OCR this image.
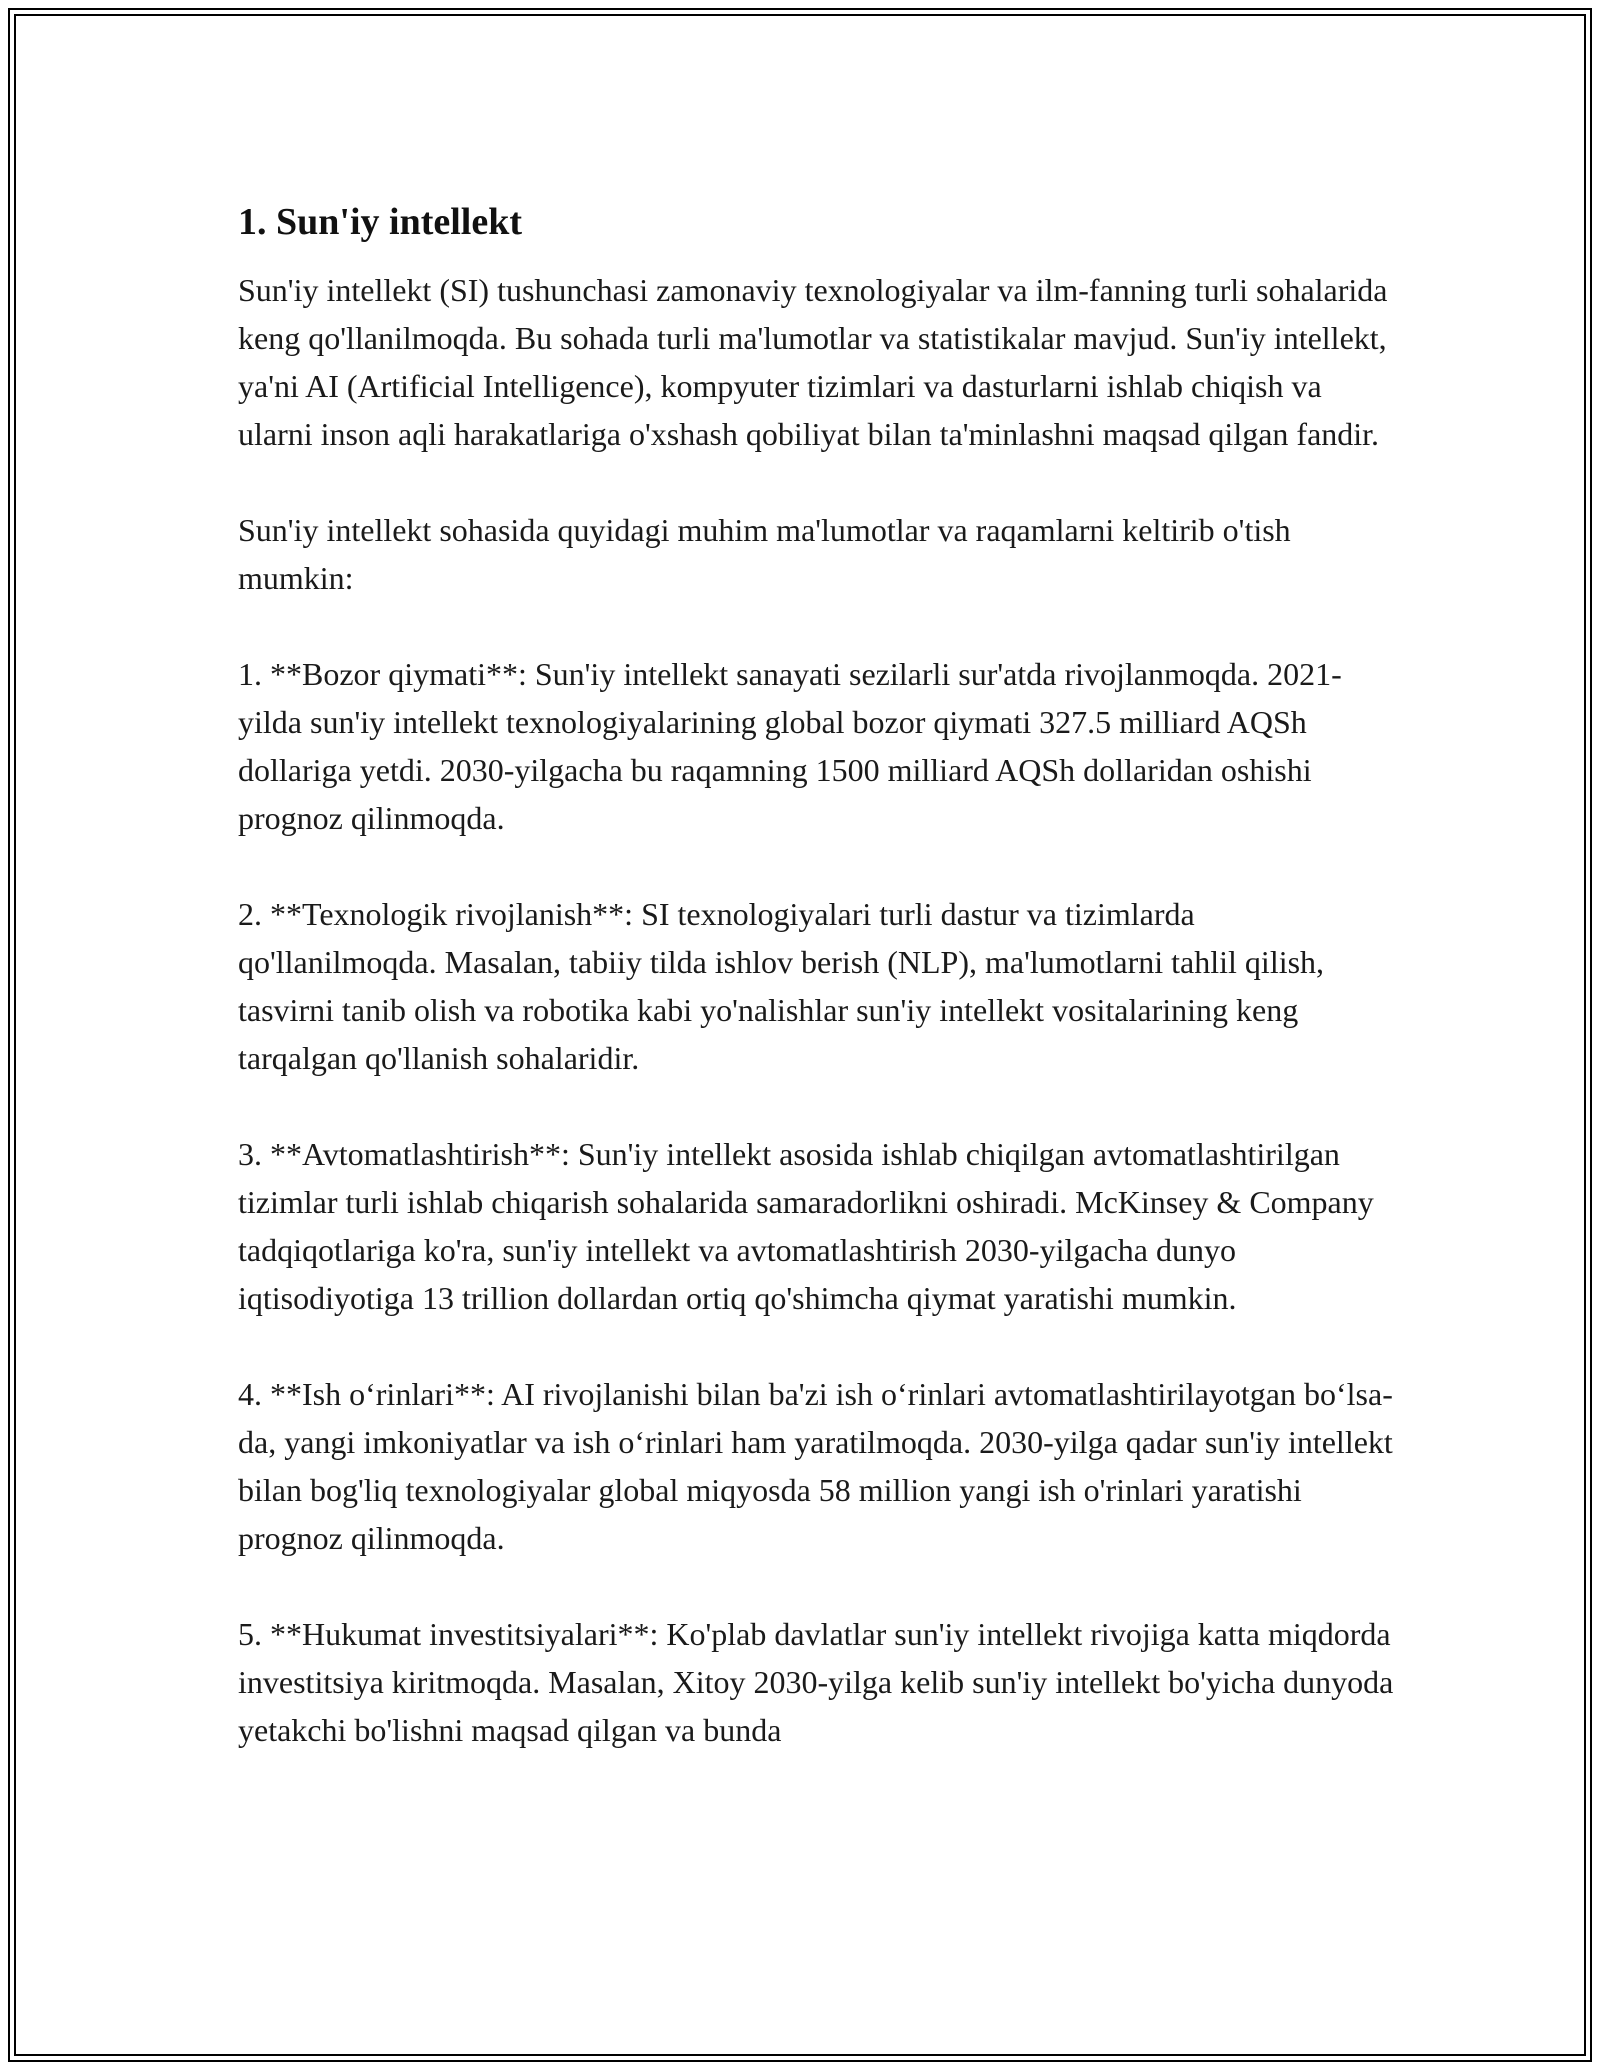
1. Sun'iy intellekt

Sun'iy intellekt (SI) tushunchasi zamonaviy texnologiyalar va ilm-fanning turli sohalarida keng qo'llanilmoqda. Bu sohada turli ma'lumotlar va statistikalar mavjud. Sun'iy intellekt, ya'ni AI (Artificial Intelligence), kompyuter tizimlari va dasturlarni ishlab chiqish va ularni inson aqli harakatlariga o'xshash qobiliyat bilan ta'minlashni maqsad qilgan fandir.

Sun'iy intellekt sohasida quyidagi muhim ma'lumotlar va raqamlarni keltirib o'tish mumkin:

1. **Bozor qiymati**: Sun'iy intellekt sanayati sezilarli sur'atda rivojlanmoqda. 2021-yilda sun'iy intellekt texnologiyalarining global bozor qiymati 327.5 milliard AQSh dollariga yetdi. 2030-yilgacha bu raqamning 1500 milliard AQSh dollaridan oshishi prognoz qilinmoqda.

2. **Texnologik rivojlanish**: SI texnologiyalari turli dastur va tizimlarda qo'llanilmoqda. Masalan, tabiiy tilda ishlov berish (NLP), ma'lumotlarni tahlil qilish, tasvirni tanib olish va robotika kabi yo'nalishlar sun'iy intellekt vositalarining keng tarqalgan qo'llanish sohalaridir.

3. **Avtomatlashtirish**: Sun'iy intellekt asosida ishlab chiqilgan avtomatlashtirilgan tizimlar turli ishlab chiqarish sohalarida samaradorlikni oshiradi. McKinsey & Company tadqiqotlariga ko'ra, sun'iy intellekt va avtomatlashtirish 2030-yilgacha dunyo iqtisodiyotiga 13 trillion dollardan ortiq qo'shimcha qiymat yaratishi mumkin.

4. **Ish o‘rinlari**: AI rivojlanishi bilan ba'zi ish o‘rinlari avtomatlashtirilayotgan bo‘lsa-da, yangi imkoniyatlar va ish o‘rinlari ham yaratilmoqda. 2030-yilga qadar sun'iy intellekt bilan bog'liq texnologiyalar global miqyosda 58 million yangi ish o'rinlari yaratishi prognoz qilinmoqda.

5. **Hukumat investitsiyalari**: Ko'plab davlatlar sun'iy intellekt rivojiga katta miqdorda investitsiya kiritmoqda. Masalan, Xitoy 2030-yilga kelib sun'iy intellekt bo'yicha dunyoda yetakchi bo'lishni maqsad qilgan va bunda
